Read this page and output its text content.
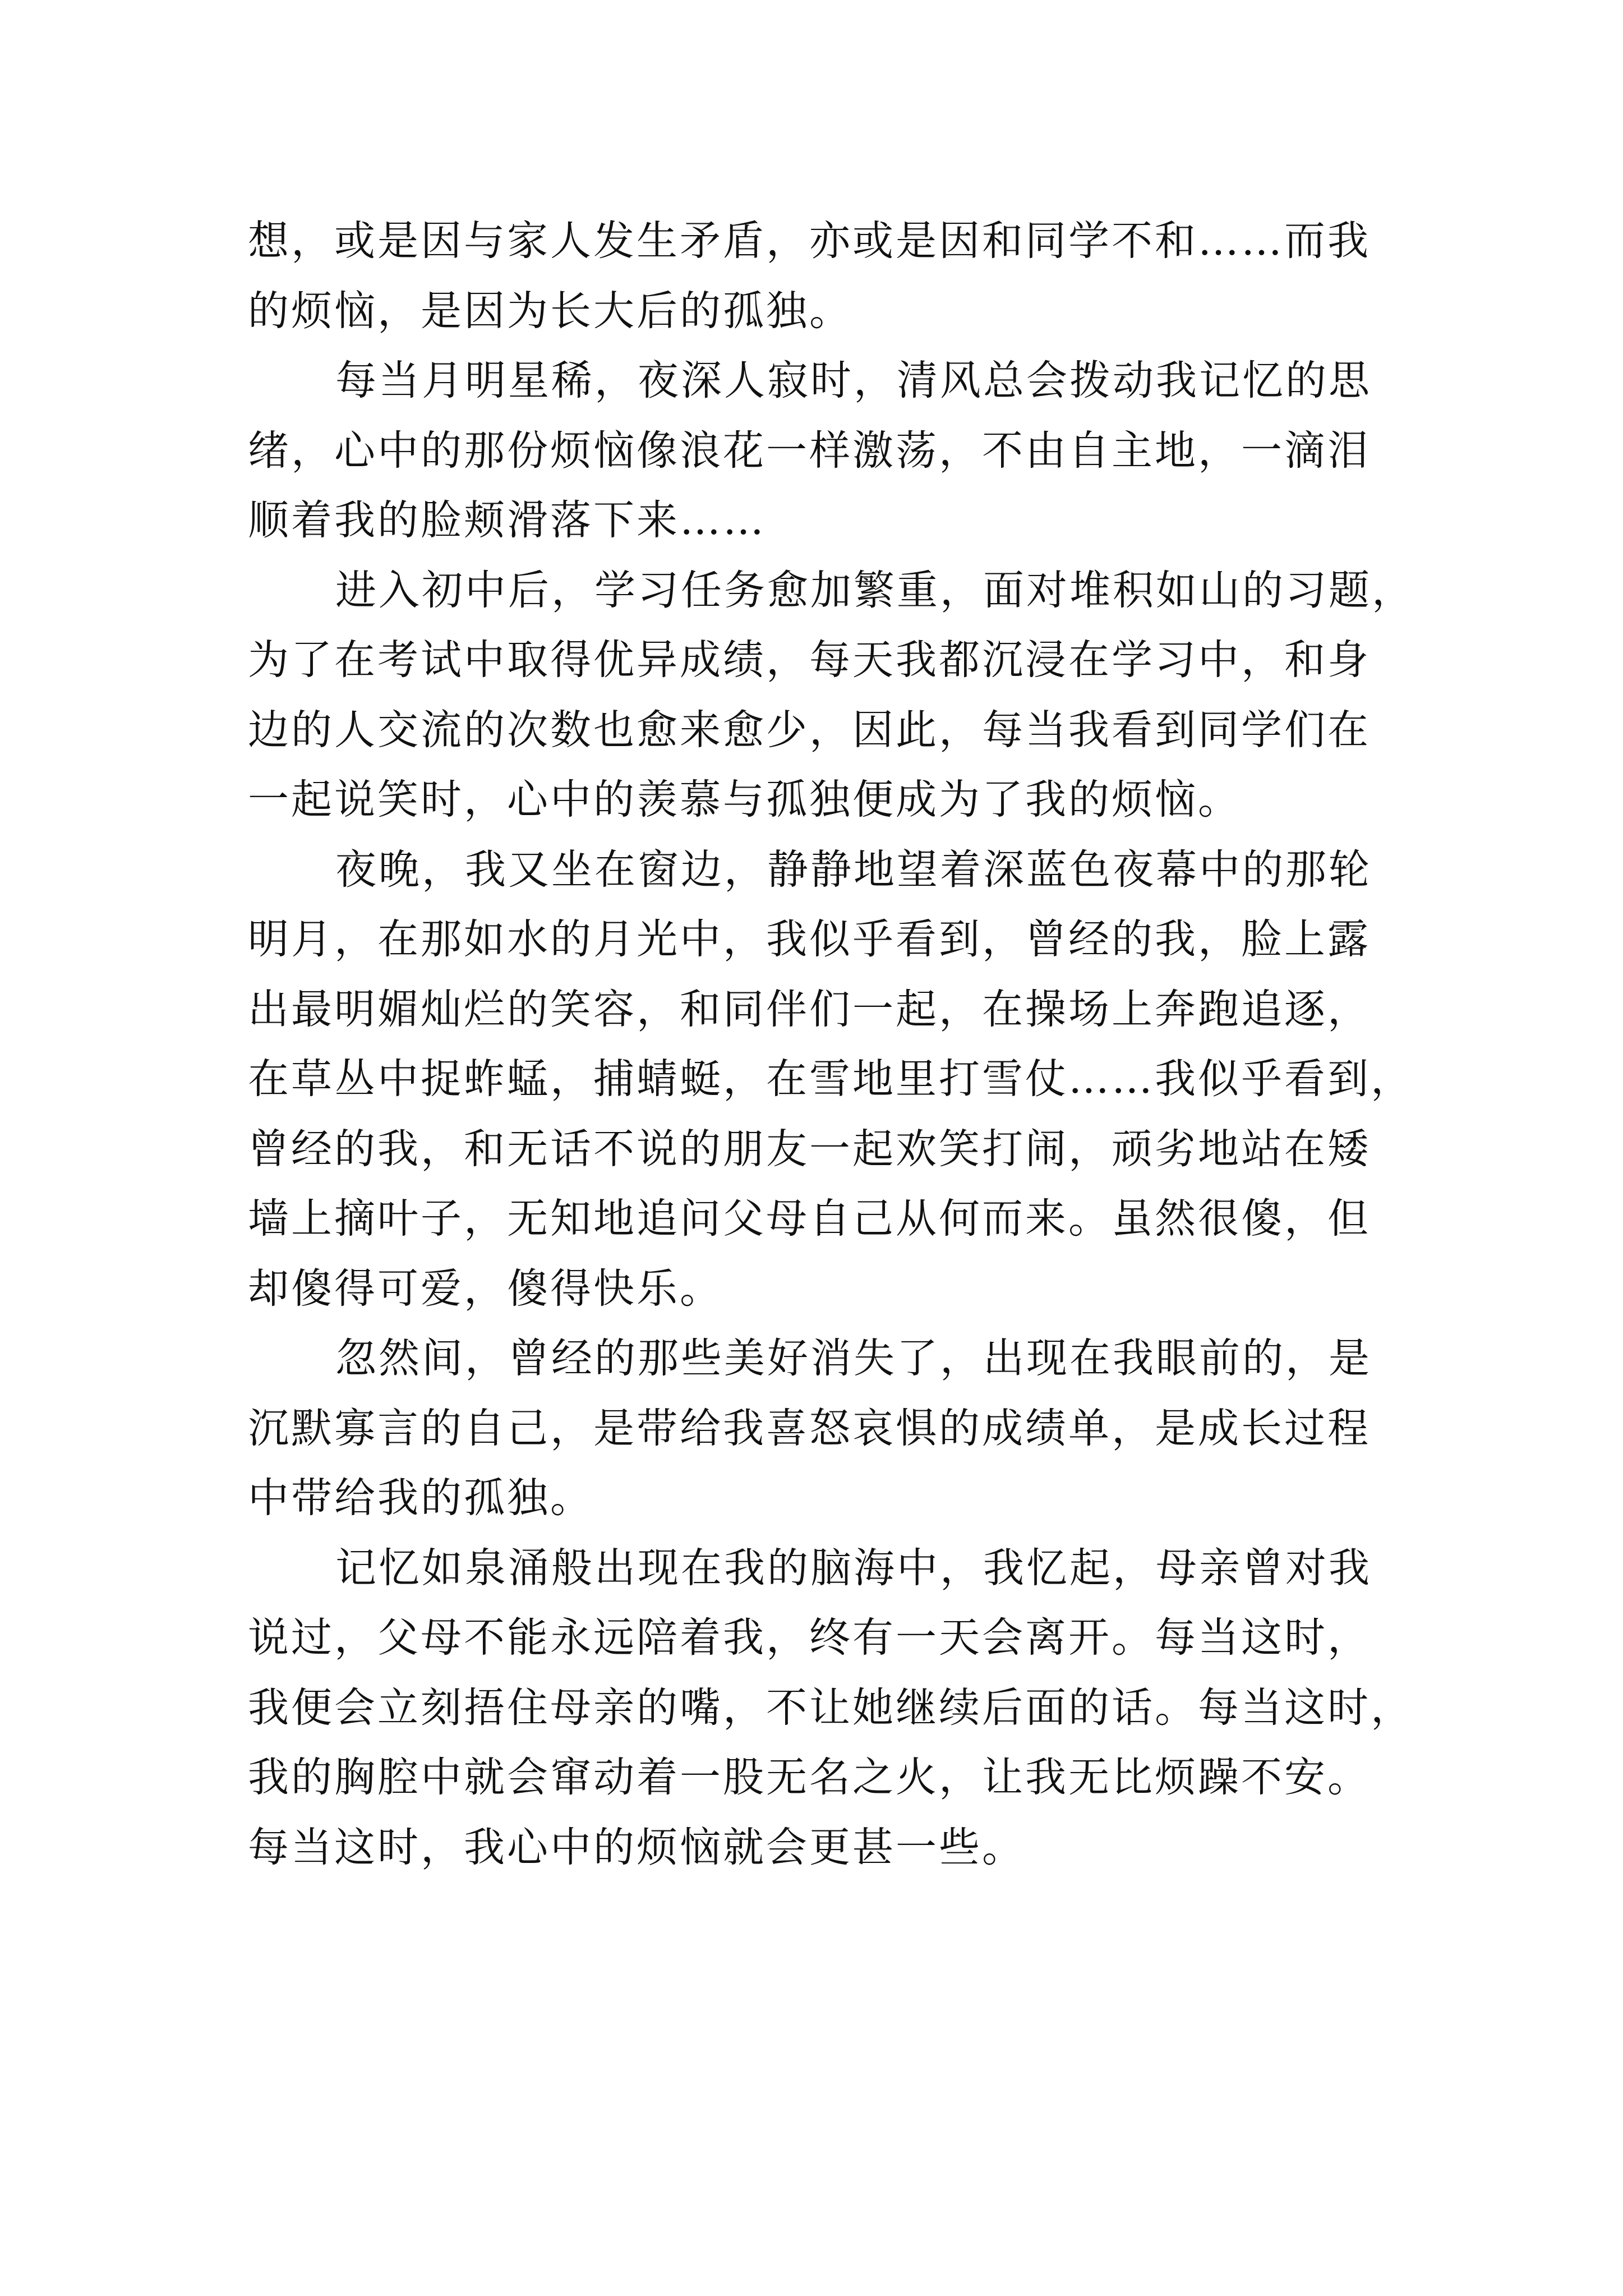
想，或是因与家人发生矛盾，亦或是因和同学不和……而我
的烦恼，是因为长大后的孤独。
每当月明星稀，夜深人寂时，清风总会拨动我记忆的思
绪，心中的那份烦恼像浪花一样激荡，不由自主地，一滴泪
顺着我的脸颊滑落下来……
进入初中后，学习任务愈加繁重，面对堆积如山的习题，
为了在考试中取得优异成绩，每天我都沉浸在学习中，和身
边的人交流的次数也愈来愈少，因此，每当我看到同学们在
一起说笑时，心中的羡慕与孤独便成为了我的烦恼。
夜晚，我又坐在窗边，静静地望着深蓝色夜幕中的那轮
明月，在那如水的月光中，我似乎看到，曾经的我，脸上露
出最明媚灿烂的笑容，和同伴们一起，在操场上奔跑追逐，
在草丛中捉蚱蜢，捕蜻蜓，在雪地里打雪仗……我似乎看到，
曾经的我，和无话不说的朋友一起欢笑打闹，顽劣地站在矮
墙上摘叶子，无知地追问父母自己从何而来。虽然很傻，但
却傻得可爱，傻得快乐。
忽然间，曾经的那些美好消失了，出现在我眼前的，是
沉默寡言的自己，是带给我喜怒哀惧的成绩单，是成长过程
中带给我的孤独。
记忆如泉涌般出现在我的脑海中，我忆起，母亲曾对我
说过，父母不能永远陪着我，终有一天会离开。每当这时，
我便会立刻捂住母亲的嘴，不让她继续后面的话。每当这时，
我的胸腔中就会窜动着一股无名之火，让我无比烦躁不安。
每当这时，我心中的烦恼就会更甚一些。
